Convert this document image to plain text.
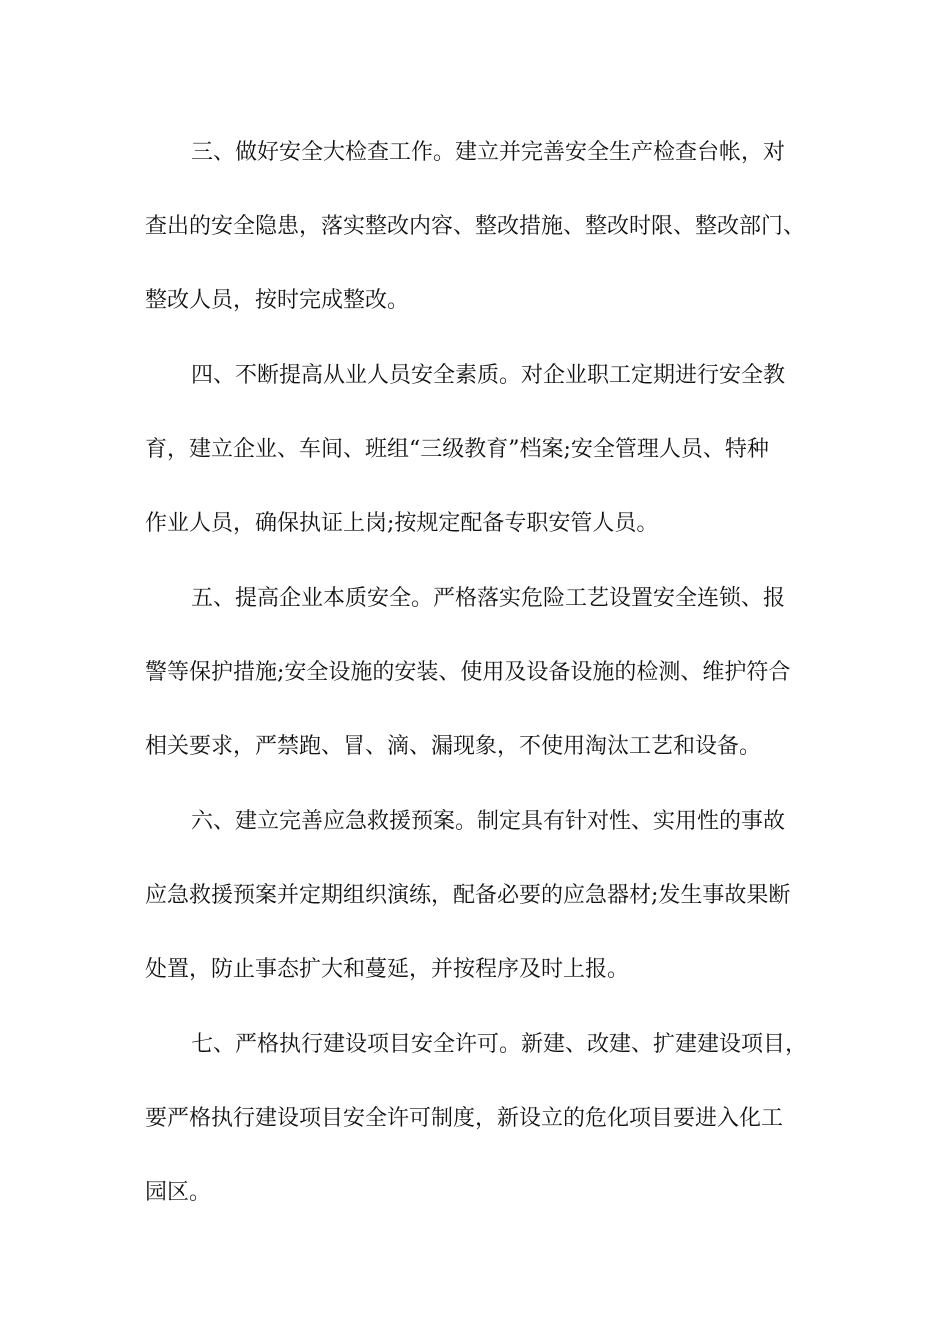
三、做好安全大检查工作。建立并完善安全生产检查台帐，对
查出的安全隐患，落实整改内容、整改措施、整改时限、整改部门、
整改人员，按时完成整改。
四、不断提高从业人员安全素质。对企业职工定期进行安全教
育，建立企业、车间、班组“三级教育”档案;安全管理人员、特种
作业人员，确保执证上岗;按规定配备专职安管人员。
五、提高企业本质安全。严格落实危险工艺设置安全连锁、报
警等保护措施;安全设施的安装、使用及设备设施的检测、维护符合
相关要求，严禁跑、冒、滴、漏现象，不使用淘汰工艺和设备。
六、建立完善应急救援预案。制定具有针对性、实用性的事故
应急救援预案并定期组织演练，配备必要的应急器材;发生事故果断
处置，防止事态扩大和蔓延，并按程序及时上报。
七、严格执行建设项目安全许可。新建、改建、扩建建设项目，
要严格执行建设项目安全许可制度，新设立的危化项目要进入化工
园区。
